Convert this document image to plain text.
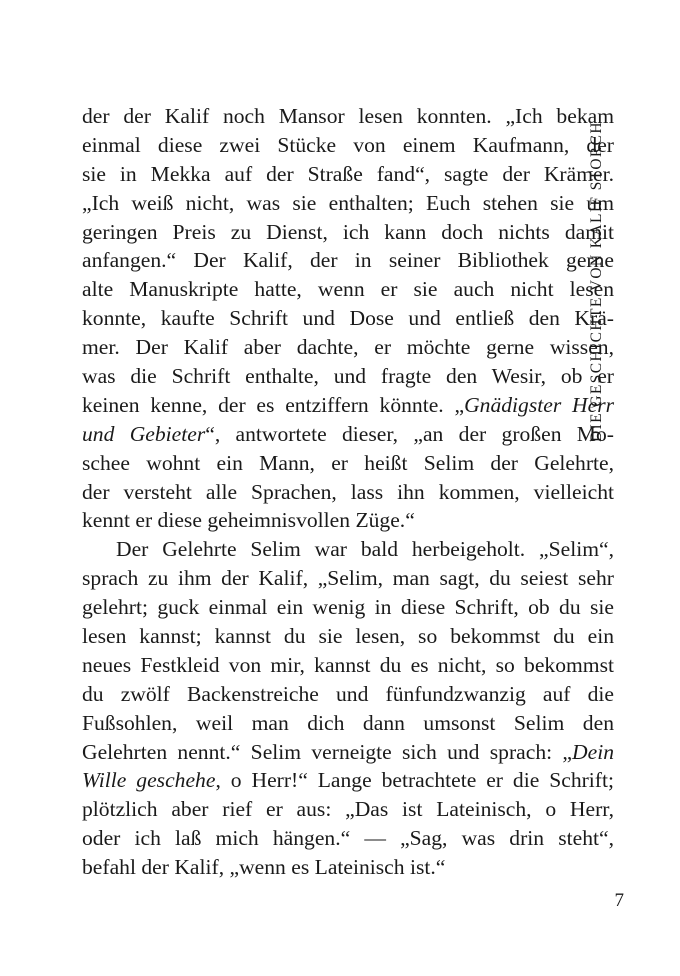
DIE GESCHICHTE VON KALIF STORCH
der der Kalif noch Mansor lesen konnten. „Ich bekam
einmal diese zwei Stücke von einem Kaufmann, der
sie in Mekka auf der Straße fand“, sagte der Krämer.
„Ich weiß nicht, was sie enthalten; Euch stehen sie um
geringen Preis zu Dienst, ich kann doch nichts damit
anfangen.“ Der Kalif, der in seiner Bibliothek gerne
alte Manuskripte hatte, wenn er sie auch nicht lesen
konnte, kaufte Schrift und Dose und entließ den Krä-
mer. Der Kalif aber dachte, er möchte gerne wissen,
was die Schrift enthalte, und fragte den Wesir, ob er
keinen kenne, der es entziffern könnte. „Gnädigster Herr
und Gebieter“, antwortete dieser, „an der großen Mo-
schee wohnt ein Mann, er heißt Selim der Gelehrte,
der versteht alle Sprachen, lass ihn kommen, vielleicht
kennt er diese geheimnisvollen Züge.“
Der Gelehrte Selim war bald herbeigeholt. „Selim“,
sprach zu ihm der Kalif, „Selim, man sagt, du seiest sehr
gelehrt; guck einmal ein wenig in diese Schrift, ob du sie
lesen kannst; kannst du sie lesen, so bekommst du ein
neues Festkleid von mir, kannst du es nicht, so bekommst
du zwölf Backenstreiche und fünfundzwanzig auf die
Fußsohlen, weil man dich dann umsonst Selim den
Gelehrten nennt.“ Selim verneigte sich und sprach: „Dein
Wille geschehe, o Herr!“ Lange betrachtete er die Schrift;
plötzlich aber rief er aus: „Das ist Lateinisch, o Herr,
oder ich laß mich hängen.“ — „Sag, was drin steht“,
befahl der Kalif, „wenn es Lateinisch ist.“
7
